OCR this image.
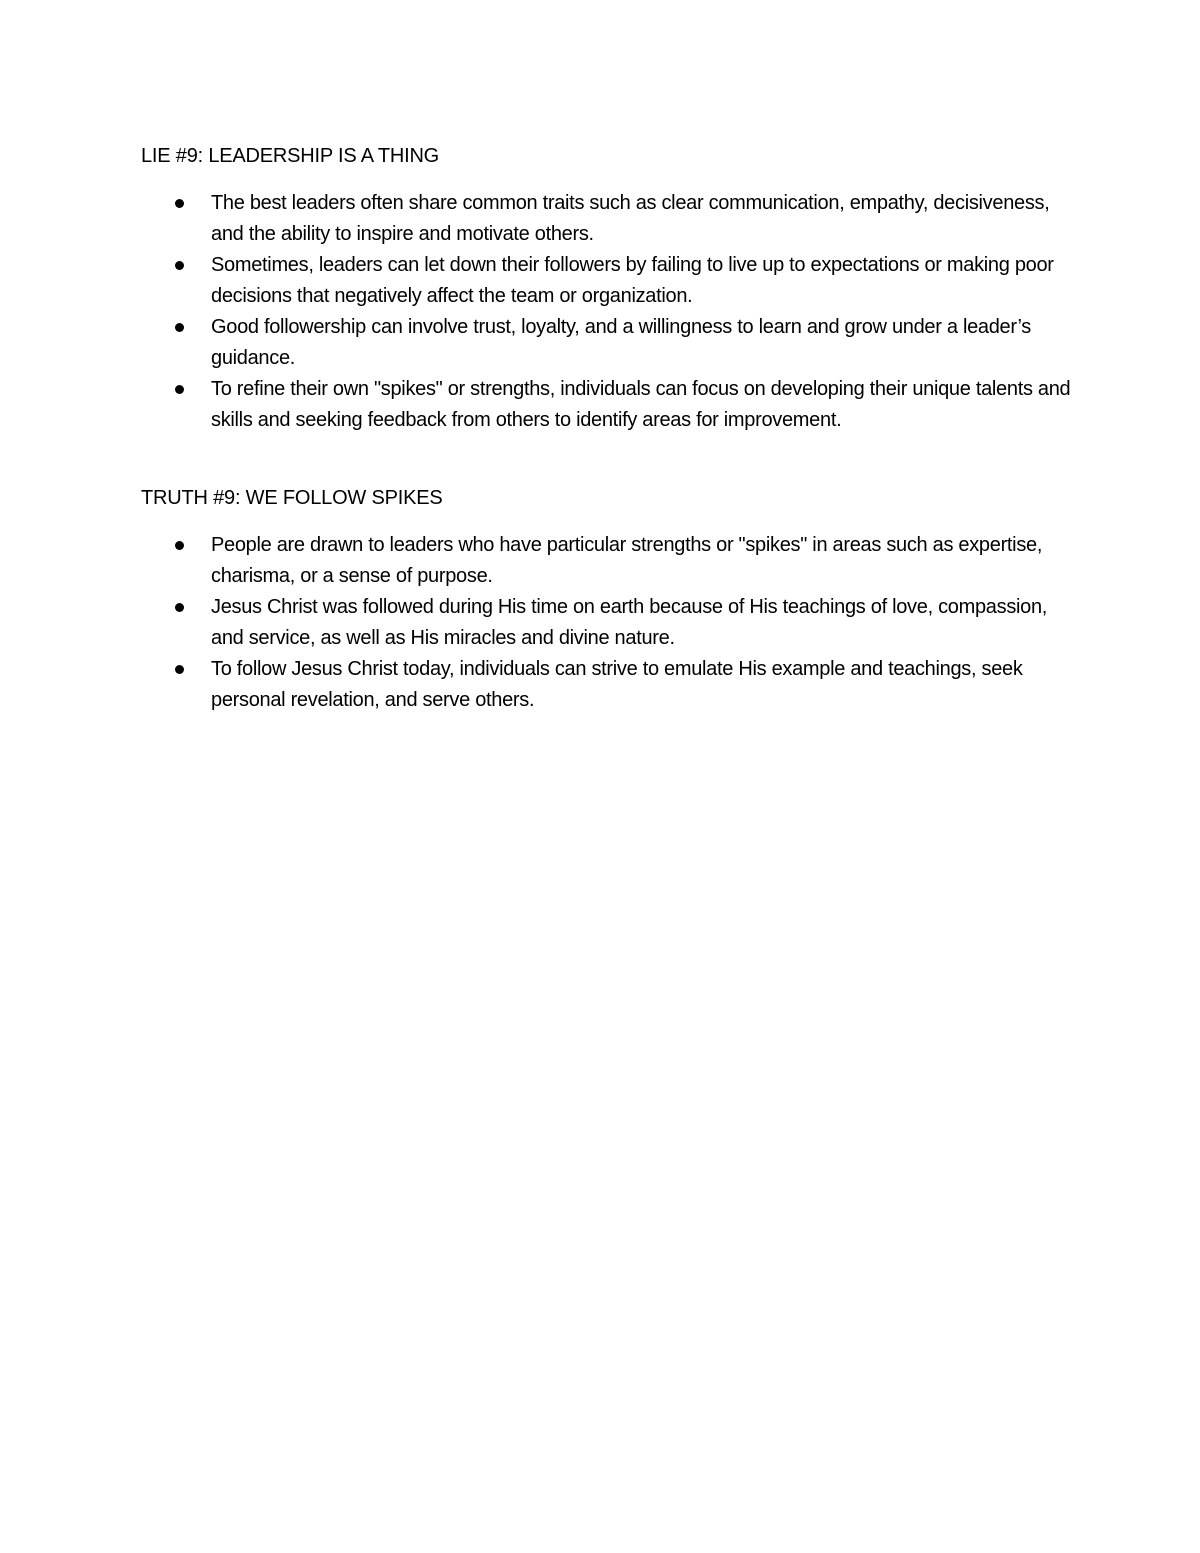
LIE #9: LEADERSHIP IS A THING
The best leaders often share common traits such as clear communication, empathy, decisiveness, and the ability to inspire and motivate others.
Sometimes, leaders can let down their followers by failing to live up to expectations or making poor decisions that negatively affect the team or organization.
Good followership can involve trust, loyalty, and a willingness to learn and grow under a leader’s guidance.
To refine their own "spikes" or strengths, individuals can focus on developing their unique talents and skills and seeking feedback from others to identify areas for improvement.
TRUTH #9: WE FOLLOW SPIKES
People are drawn to leaders who have particular strengths or "spikes" in areas such as expertise, charisma, or a sense of purpose.
Jesus Christ was followed during His time on earth because of His teachings of love, compassion, and service, as well as His miracles and divine nature.
To follow Jesus Christ today, individuals can strive to emulate His example and teachings, seek personal revelation, and serve others.
